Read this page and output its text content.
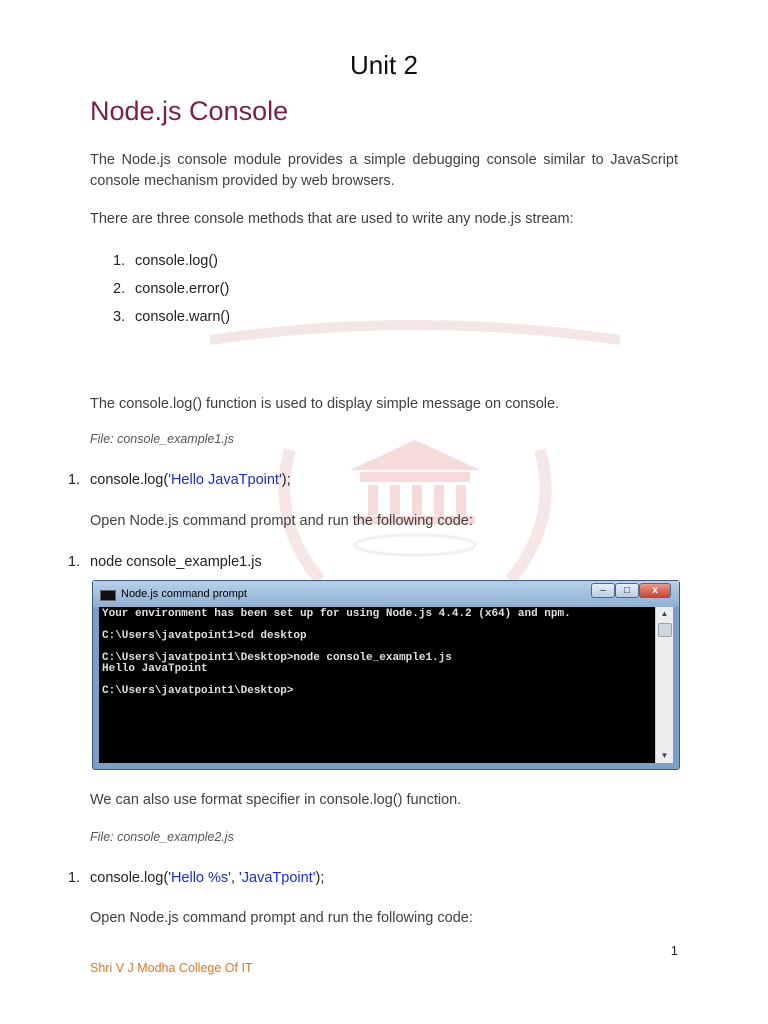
Unit 2
Node.js Console
The Node.js console module provides a simple debugging console similar to JavaScript console mechanism provided by web browsers.
There are three console methods that are used to write any node.js stream:
1. console.log()
2. console.error()
3. console.warn()
The console.log() function is used to display simple message on console.
File: console_example1.js
1. console.log('Hello JavaTpoint');
Open Node.js command prompt and run the following code:
1. node console_example1.js
Node.js command prompt	–	□	x
Your environment has been set up for using Node.js 4.4.2 (x64) and npm.

C:\Users\javatpoint1>cd desktop

C:\Users\javatpoint1\Desktop>node console_example1.js
Hello JavaTpoint

C:\Users\javatpoint1\Desktop>
▲
▼
We can also use format specifier in console.log() function.
File: console_example2.js
1. console.log('Hello %s', 'JavaTpoint');
Open Node.js command prompt and run the following code:
1
Shri V J Modha College Of IT
